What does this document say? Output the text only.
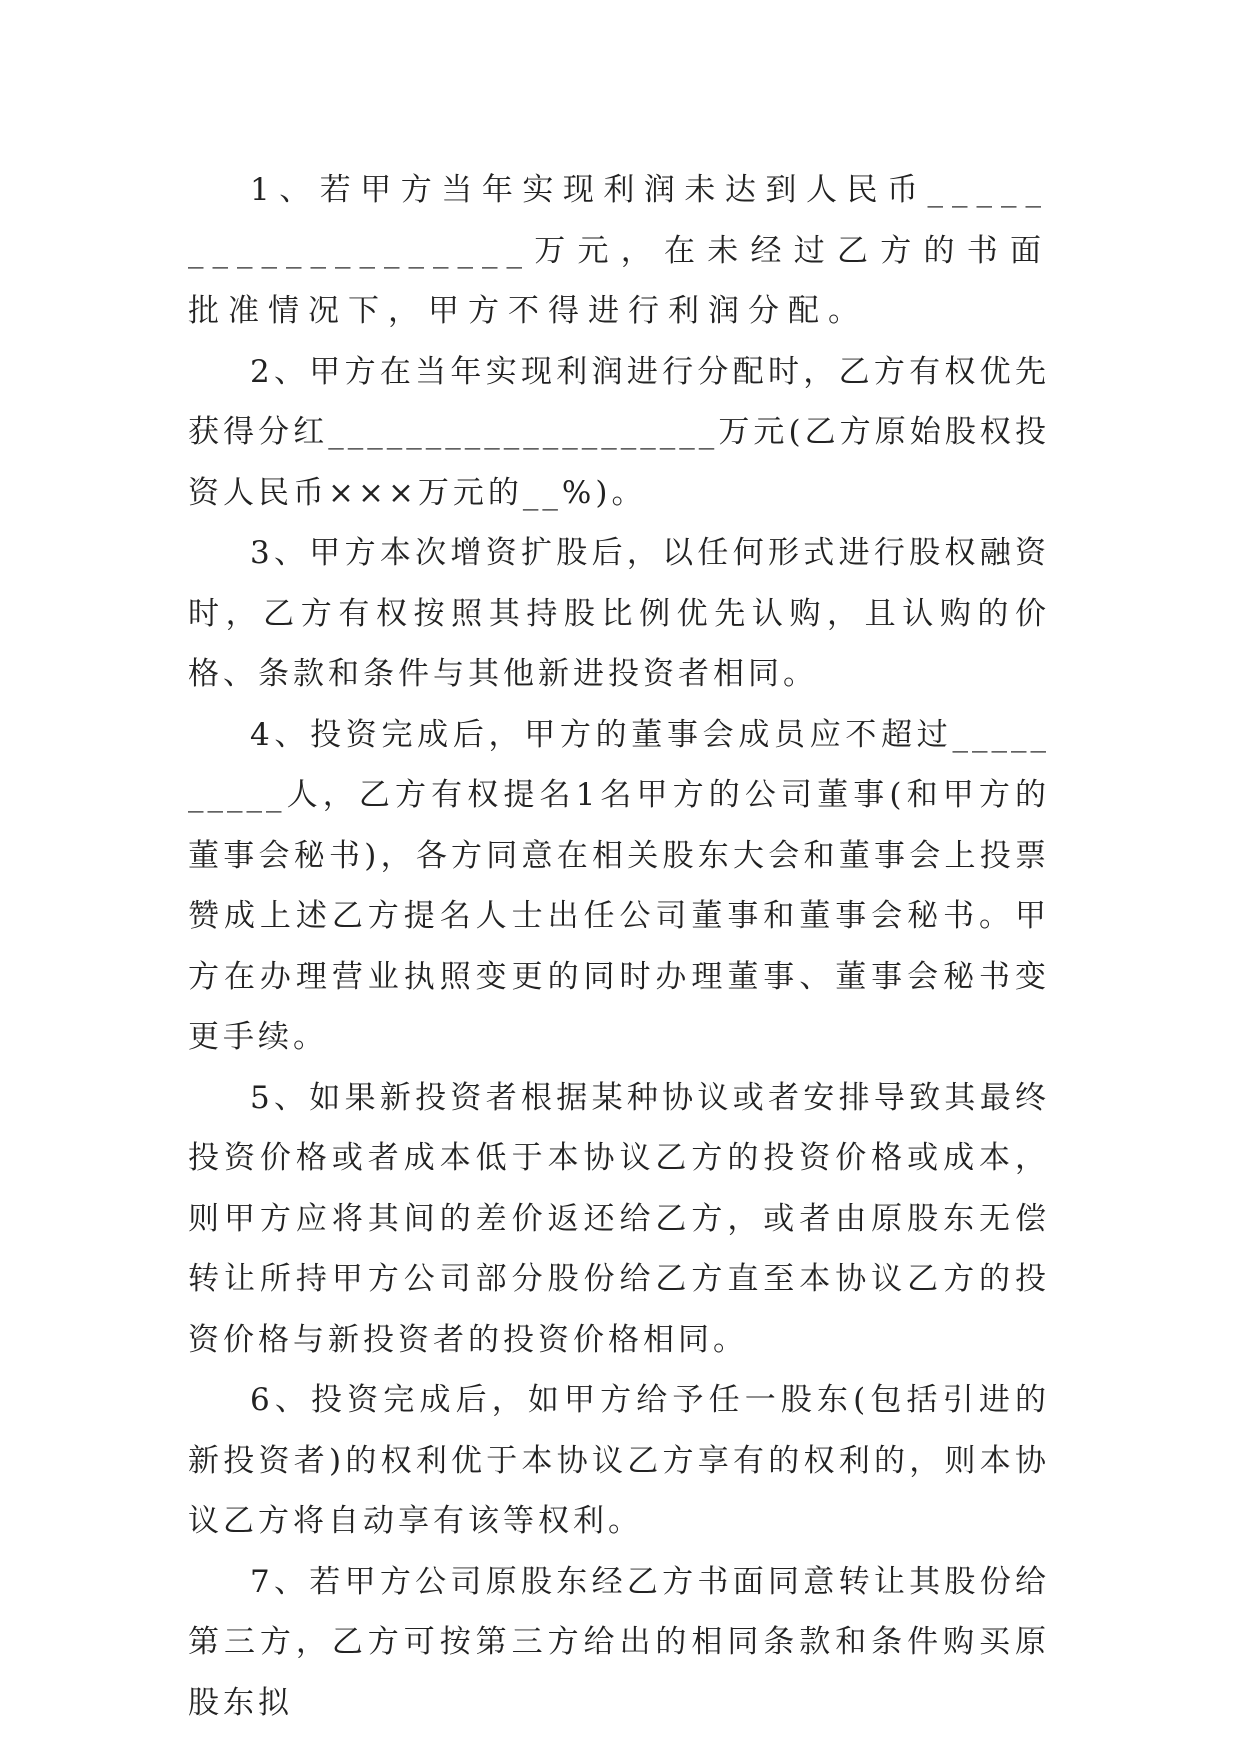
1、若甲方当年实现利润未达到人民币___________________万元，在未经过乙方的书面批准情况下，甲方不得进行利润分配。

2、甲方在当年实现利润进行分配时，乙方有权优先获得分红____________________万元(乙方原始股权投资人民币×××万元的__%)。

3、甲方本次增资扩股后，以任何形式进行股权融资时，乙方有权按照其持股比例优先认购，且认购的价格、条款和条件与其他新进投资者相同。

4、投资完成后，甲方的董事会成员应不超过__________人，乙方有权提名1名甲方的公司董事(和甲方的董事会秘书)，各方同意在相关股东大会和董事会上投票赞成上述乙方提名人士出任公司董事和董事会秘书。甲方在办理营业执照变更的同时办理董事、董事会秘书变更手续。

5、如果新投资者根据某种协议或者安排导致其最终投资价格或者成本低于本协议乙方的投资价格或成本，则甲方应将其间的差价返还给乙方，或者由原股东无偿转让所持甲方公司部分股份给乙方直至本协议乙方的投资价格与新投资者的投资价格相同。

6、投资完成后，如甲方给予任一股东(包括引进的新投资者)的权利优于本协议乙方享有的权利的，则本协议乙方将自动享有该等权利。

7、若甲方公司原股东经乙方书面同意转让其股份给第三方，乙方可按第三方给出的相同条款和条件购买原股东拟
